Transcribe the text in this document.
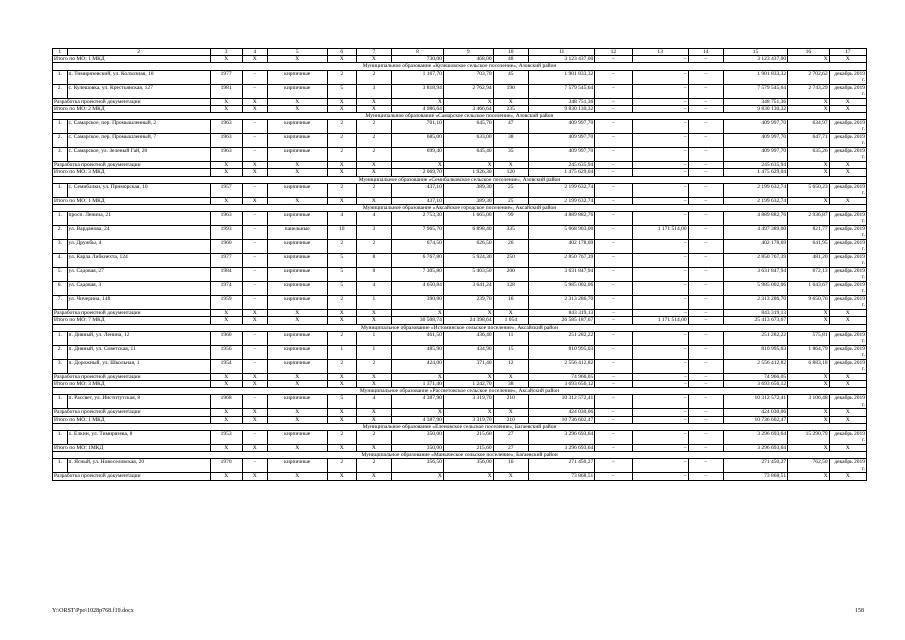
1	2	3	4	5	6	7	8	9	10	11	12	13	14	15	16	17
Итого по МО: 1 МКД		X	X	X	X	X	730,00	468,00	48	3 123 437,00	–	–	–	3 123 437,00	X	X
Муниципальное образование «Кулешовское сельское поселение», Азовский район																
1.	п. Тимирязевский, ул. Колхозная, 10	1977	–	кирпичные	2	2	1 167,70	703,70	45	1 901 833,32	–	–	–	1 901 833,32	2 702,62	декабрь 2019 г.
2.	с. Кулешовка, ул. Крестьянская, 127	1981	–	кирпичные	5	3	3 818,94	2 762,94	190	7 579 545,64	–	–	–	7 579 545,64	2 743,29	декабрь 2019 г.
Разработка проектной документации		X	X	X	X	X	X	X	X	348 751,36	–	–	–	348 751,36	X	X
Итого по МО: 2 МКД		X	X	X	X	X	4 986,64	3 466,64	235	9 830 130,32	–	–	–	9 830 130,32	X	X
Муниципальное образование «Самарское сельское поселение», Азовский район																
1.	с. Самарское, пер. Промышленный, 2	1963	–	кирпичные	2	2	701,10	645,70	47	409 997,70	–	–	–	409 997,70	634,97	декабрь 2019 г.
2.	с. Самарское, пер. Промышленный, 7	1963	–	кирпичные	2	2	685,00	633,00	38	409 997,70	–	–	–	409 997,70	647,71	декабрь 2019 г.
3.	с. Самарское, ул. Зеленый Гай, 20	1963	–	кирпичные	2	2	699,40	645,40	35	409 997,70	–	–	–	409 997,70	635,26	декабрь 2019 г.
Разработка проектной документации		X	X	X	X	X	X	X	X	245 635,94	–	–	–	245 635,94	X	X
Итого по МО: 3 МКД		X	X	X	X	X	2 069,70	1 926,30	120	1 475 629,04	–	–	–	1 475 629,04	X	X
Муниципальное образование «Семибалковское сельское поселение», Азовский район																
1.	с. Семибалки, ул. Приморская, 10	1957	–	кирпичные	2	2	437,10	389,30	25	2 199 632,74	–	–	–	2 199 632,74	5 650,23	декабрь 2019 г.
Итого по МО: 1 МКД		X	X	X	X	X	437,10	389,30	25	2 199 632,74	–	–	–	2 199 632,74	X	X
Муниципальное образование «Аксайское городское поселение», Аксайский район																
1.	просп. Ленина, 21	1963	–	кирпичные	4	4	2 753,30	1 665,00	99	4 889 882,76	–	–	–	4 889 882,76	2 936,87	декабрь 2019 г.
2.	ул. Варданова, 24	1993	–	панельные	10	3	7 965,70	6 898,40	335	5 668 903,00	–	1 171 514,00	–	4 497 389,00	821,77	декабрь 2019 г.
3.	ул. Дружбы, 4	1960	–	кирпичные	2	2	674,50	626,50	26	402 178,69	–	–	–	402 178,69	641,95	декабрь 2019 г.
4.	ул. Карла Либкнехта, 124	1977	–	кирпичные	5	8	6 767,80	5 924,30	250	2 850 767,39	–	–	–	2 850 767,39	481,20	декабрь 2019 г.
5.	ул. Садовая, 27	1984	–	кирпичные	5	8	7 305,80	5 403,50	200	3 631 847,94	–	–	–	3 631 847,94	672,13	декабрь 2019 г.
6.	ул. Садовая, 3	1974	–	кирпичные	5	4	4 650,84	3 641,24	128	5 985 002,06	–	–	–	5 985 002,06	1 643,67	декабрь 2019 г.
7.	ул. Чичерина, 148	1959	–	кирпичные	2	1	390,80	239,70	16	2 313 286,70	–	–	–	2 313 286,70	9 650,76	декабрь 2019 г.
Разработка проектной документации		X	X	X	X	X	X	X	X	843 319,13	–	–	–	843 319,13	X	X
Итого по МО: 7 МКД		X	X	X	X	X	30 508,74	24 398,64	1 054	26 585 187,67	–	1 171 514,00	–	25 413 673,67	X	X
Муниципальное образование «Истоминское сельское поселение», Аксайский район																
1.	п. Дивный, ул. Ленина, 12	1960	–	кирпичные	2	1	461,50	436,40	11	251 282,22	–	–	–	251 282,22	575,81	декабрь 2019 г.
2.	п. Дивный, ул. Советская, 11	1956	–	кирпичные	1	1	485,90	434,90	15	810 995,03	–	–	–	810 995,03	1 864,79	декабрь 2019 г.
3.	п. Дорожный, ул. Школьная, 1	1954	–	кирпичные	2	2	424,00	371,40	12	2 556 412,82	–	–	–	2 556 412,82	6 883,18	декабрь 2019 г.
Разработка проектной документации		X	X	X	X	X	X	X	X	74 966,05	–	–	–	74 966,05	X	X
Итого по МО: 3 МКД		X	X	X	X	X	1 371,40	1 242,70	38	3 693 656,12	–	–	–	3 693 656,12	X	X
Муниципальное образование «Рассветовское сельское поселение», Аксайский район																
1.	п. Рассвет, ул. Институтская, 8	1968	–	кирпичные	5	4	4 387,90	3 319,70	210	10 312 572,41	–	–	–	10 312 572,41	3 106,48	декабрь 2019 г.
Разработка проектной документации		X	X	X	X	X	X	X	X	424 030,06	–	–	–	424 030,06	X	X
Итого по МО: 1 МКД		X	X	X	X	X	4 387,90	3 319,70	210	10 736 602,47	–	–	–	10 736 602,47	X	X
Муниципальное образование «Еленовское сельское поселение», Багаевский район																
1.	х. Елкин, ул. Тимирязева, 8	1953	–	кирпичные	2	2	350,00	215,60	27	3 296 693,64	–	–	–	3 296 693,64	15 290,79	декабрь 2019 г.
Итого по МО: 1МКД		X	X	X	X	X	350,00	215,60	27	3 296 693,64	–	–	–	3 296 693,64	X	X
Муниципальное образование «Маныческое сельское поселение», Багаевский район																
1.	п. Ясный, ул. Новоселовская, 20	1970	–	кирпичные	2	2	356,50	356,00	16	271 450,27	–	–	–	271 450,27	762,50	декабрь 2019 г.
Разработка проектной документации		X	X	X	X	X	X	X	X	73 868,51	–	–	–	73 868,51	X	X
Y:\ORST\Ppo\1028p768.f19.docx	158
